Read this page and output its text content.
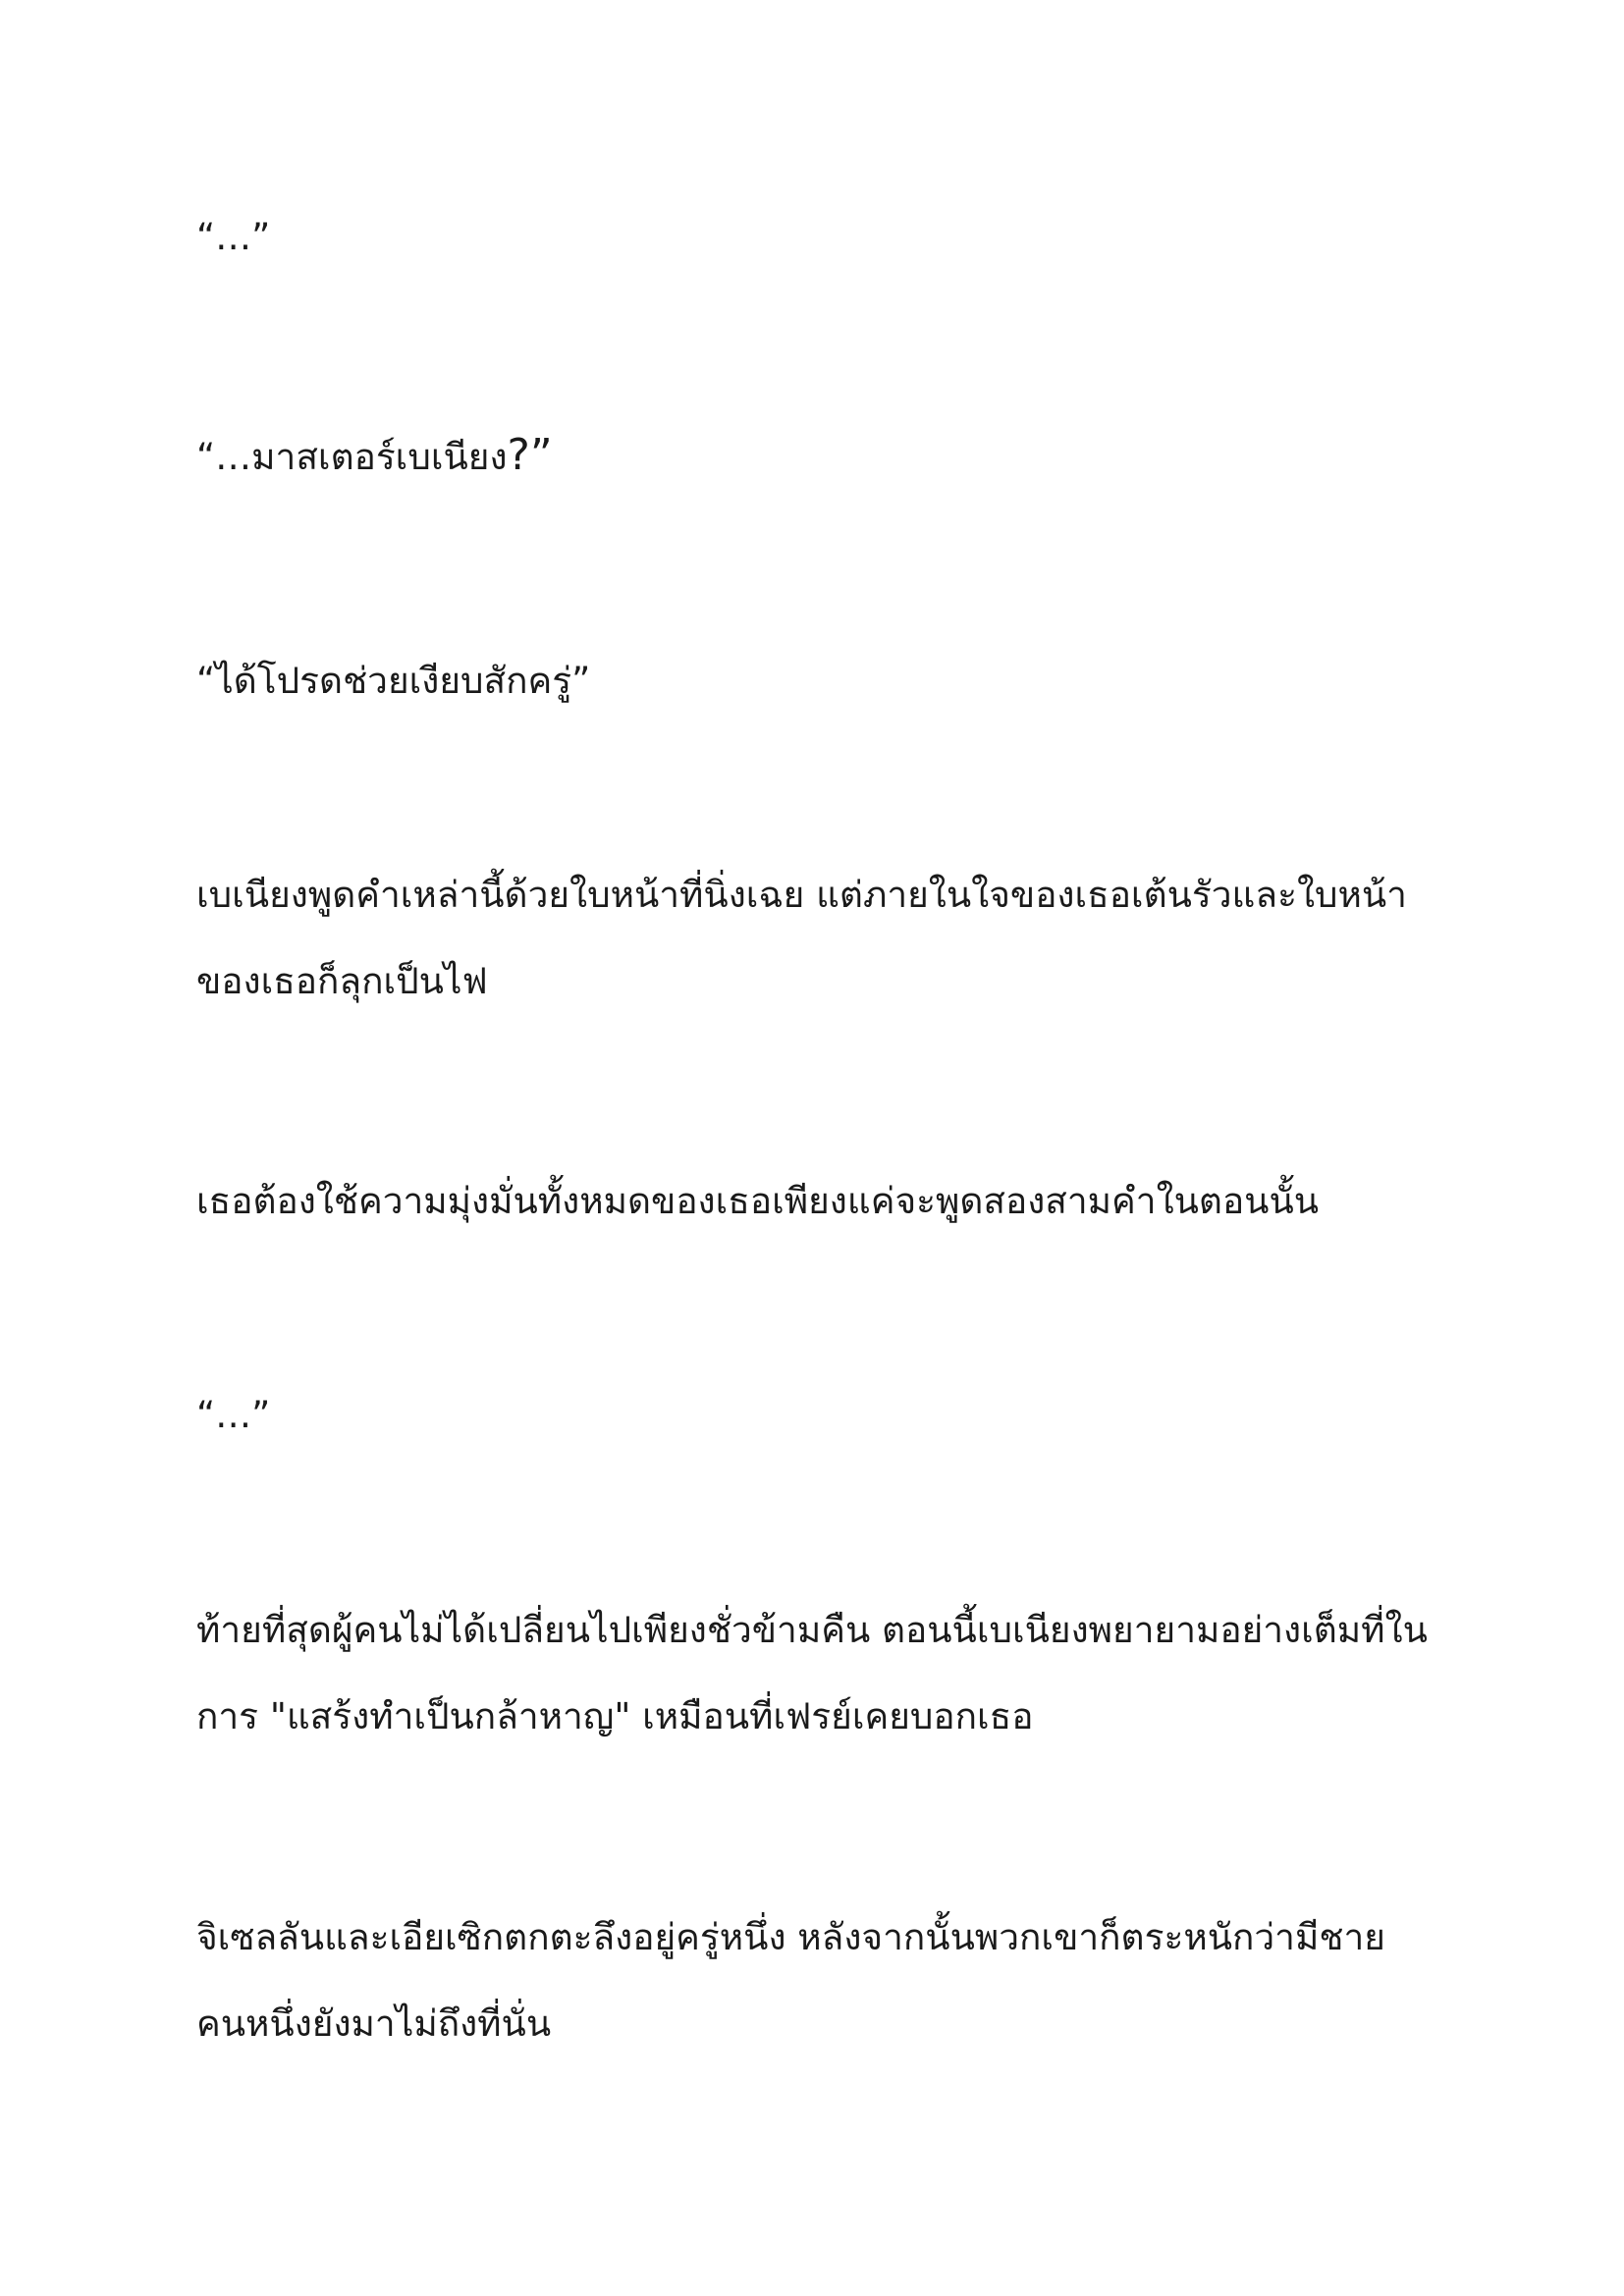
“…”

“…มาสเตอร์เบเนียง?”

“ได้โปรดช่วยเงียบสักครู่”

เบเนียงพูดคำเหล่านี้ด้วยใบหน้าที่นิ่งเฉย แต่ภายในใจของเธอเต้นรัวและใบหน้าของเธอก็ลุกเป็นไฟ

เธอต้องใช้ความมุ่งมั่นทั้งหมดของเธอเพียงแค่จะพูดสองสามคำในตอนนั้น

“…”

ท้ายที่สุดผู้คนไม่ได้เปลี่ยนไปเพียงชั่วข้ามคืน ตอนนี้เบเนียงพยายามอย่างเต็มที่ในการ "แสร้งทำเป็นกล้าหาญ" เหมือนที่เฟรย์เคยบอกเธอ

จิเซลลันและเอียเซิกตกตะลึงอยู่ครู่หนึ่ง หลังจากนั้นพวกเขาก็ตระหนักว่ามีชายคนหนึ่งยังมาไม่ถึงที่นั่น
